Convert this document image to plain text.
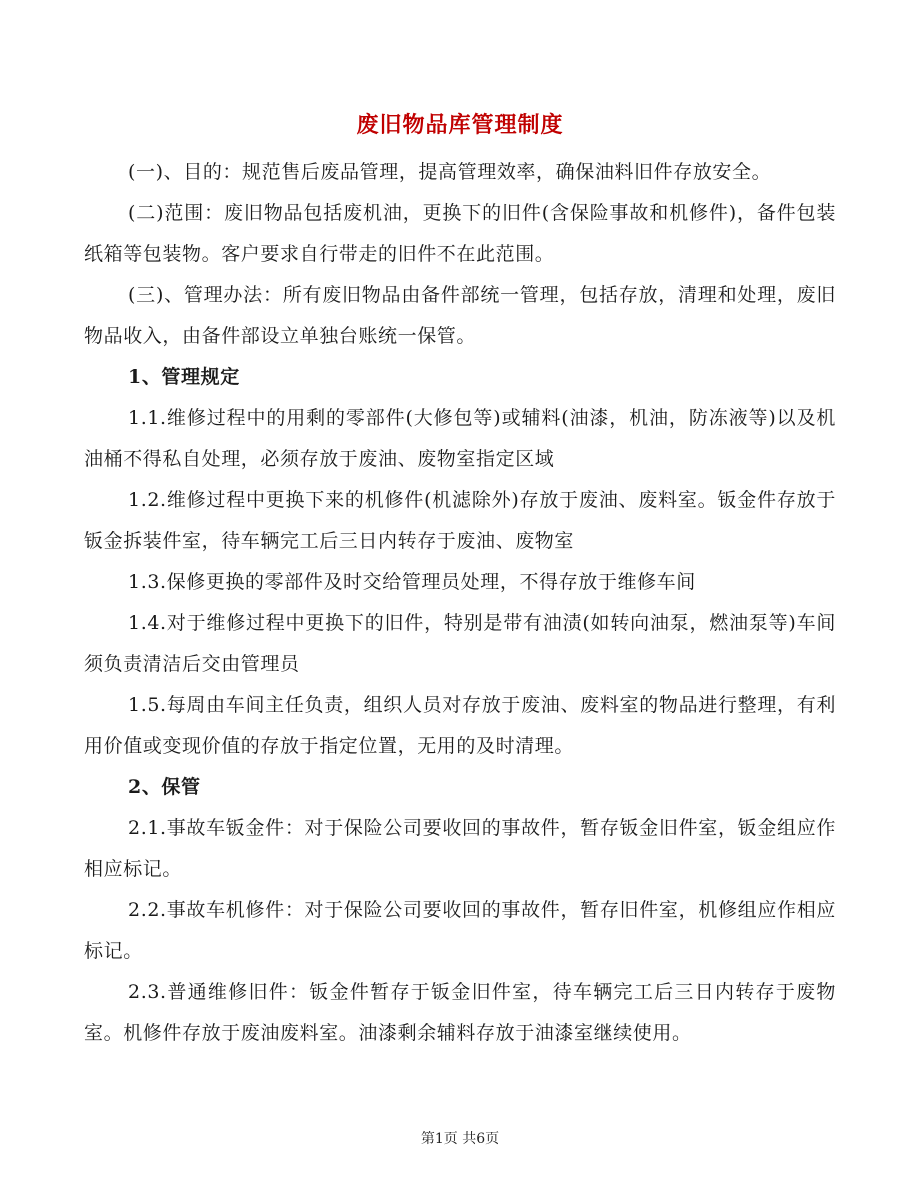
废旧物品库管理制度

(一)、目的：规范售后废品管理，提高管理效率，确保油料旧件存放安全。

(二)范围：废旧物品包括废机油，更换下的旧件(含保险事故和机修件)，备件包装纸箱等包装物。客户要求自行带走的旧件不在此范围。

(三)、管理办法：所有废旧物品由备件部统一管理，包括存放，清理和处理，废旧物品收入，由备件部设立单独台账统一保管。

1、管理规定

1.1.维修过程中的用剩的零部件(大修包等)或辅料(油漆，机油，防冻液等)以及机油桶不得私自处理，必须存放于废油、废物室指定区域

1.2.维修过程中更换下来的机修件(机滤除外)存放于废油、废料室。钣金件存放于钣金拆装件室，待车辆完工后三日内转存于废油、废物室

1.3.保修更换的零部件及时交给管理员处理，不得存放于维修车间

1.4.对于维修过程中更换下的旧件，特别是带有油渍(如转向油泵，燃油泵等)车间须负责清洁后交由管理员

1.5.每周由车间主任负责，组织人员对存放于废油、废料室的物品进行整理，有利用价值或变现价值的存放于指定位置，无用的及时清理。

2、保管

2.1.事故车钣金件：对于保险公司要收回的事故件，暂存钣金旧件室，钣金组应作相应标记。

2.2.事故车机修件：对于保险公司要收回的事故件，暂存旧件室，机修组应作相应标记。

2.3.普通维修旧件：钣金件暂存于钣金旧件室，待车辆完工后三日内转存于废物室。机修件存放于废油废料室。油漆剩余辅料存放于油漆室继续使用。

第1页 共6页
